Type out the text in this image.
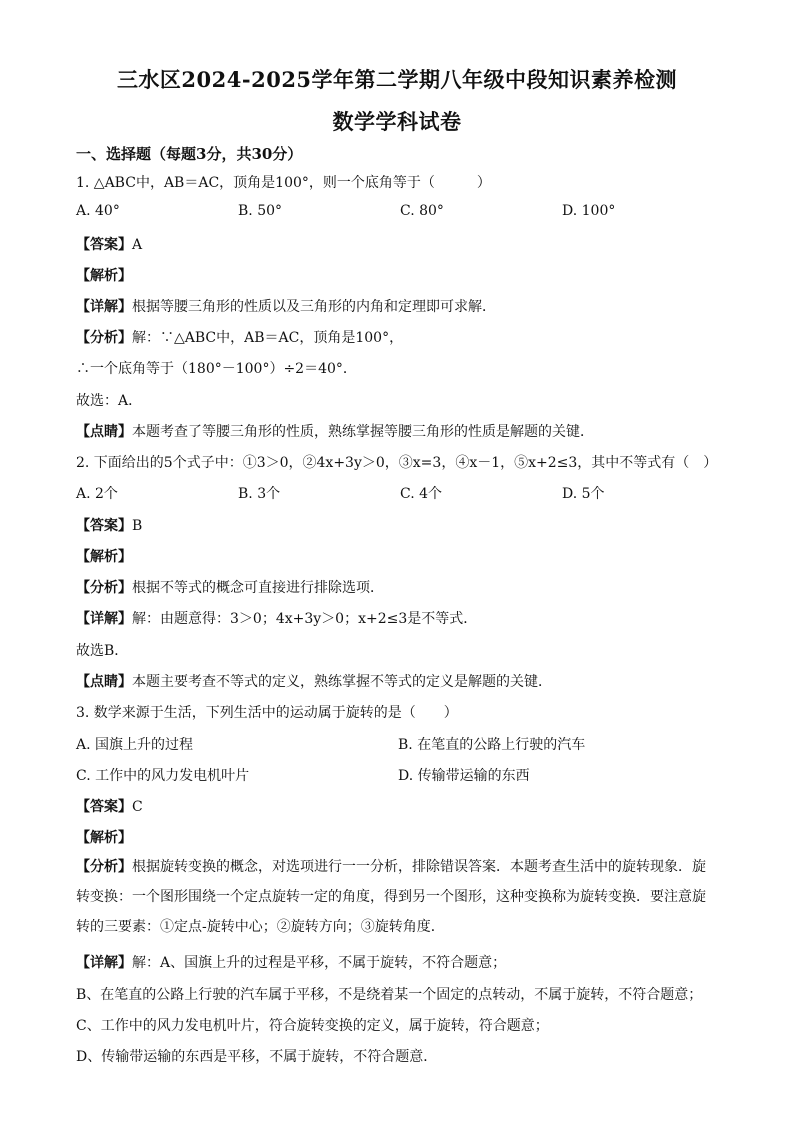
三水区2024-2025学年第二学期八年级中段知识素养检测
数学学科试卷
一、选择题（每题3分，共30分）
1. △ABC中，AB＝AC，顶角是100°，则一个底角等于（　　　）
A. 40°	B. 50°	C. 80°	D. 100°
【答案】A
【解析】
【详解】根据等腰三角形的性质以及三角形的内角和定理即可求解．
【分析】解：∵△ABC中，AB＝AC，顶角是100°，
∴一个底角等于（180°－100°）÷2＝40°．
故选：A．
【点睛】本题考查了等腰三角形的性质，熟练掌握等腰三角形的性质是解题的关键．
2. 下面给出的5个式子中：①3＞0，②4x+3y＞0，③x=3，④x－1，⑤x+2≤3，其中不等式有（　）
A. 2个	B. 3个	C. 4个	D. 5个
【答案】B
【解析】
【分析】根据不等式的概念可直接进行排除选项．
【详解】解：由题意得：3＞0；4x+3y＞0；x+2≤3是不等式．
故选B．
【点睛】本题主要考查不等式的定义，熟练掌握不等式的定义是解题的关键．
3. 数学来源于生活，下列生活中的运动属于旋转的是（　　）
A. 国旗上升的过程	B. 在笔直的公路上行驶的汽车
C. 工作中的风力发电机叶片	D. 传输带运输的东西
【答案】C
【解析】
【分析】根据旋转变换的概念，对选项进行一一分析，排除错误答案．本题考查生活中的旋转现象．旋转变换：一个图形围绕一个定点旋转一定的角度，得到另一个图形，这种变换称为旋转变换．要注意旋转的三要素：①定点-旋转中心；②旋转方向；③旋转角度．
【详解】解：A、国旗上升的过程是平移，不属于旋转，不符合题意；
B、在笔直的公路上行驶的汽车属于平移，不是绕着某一个固定的点转动，不属于旋转，不符合题意；
C、工作中的风力发电机叶片，符合旋转变换的定义，属于旋转，符合题意；
D、传输带运输的东西是平移，不属于旋转，不符合题意．
